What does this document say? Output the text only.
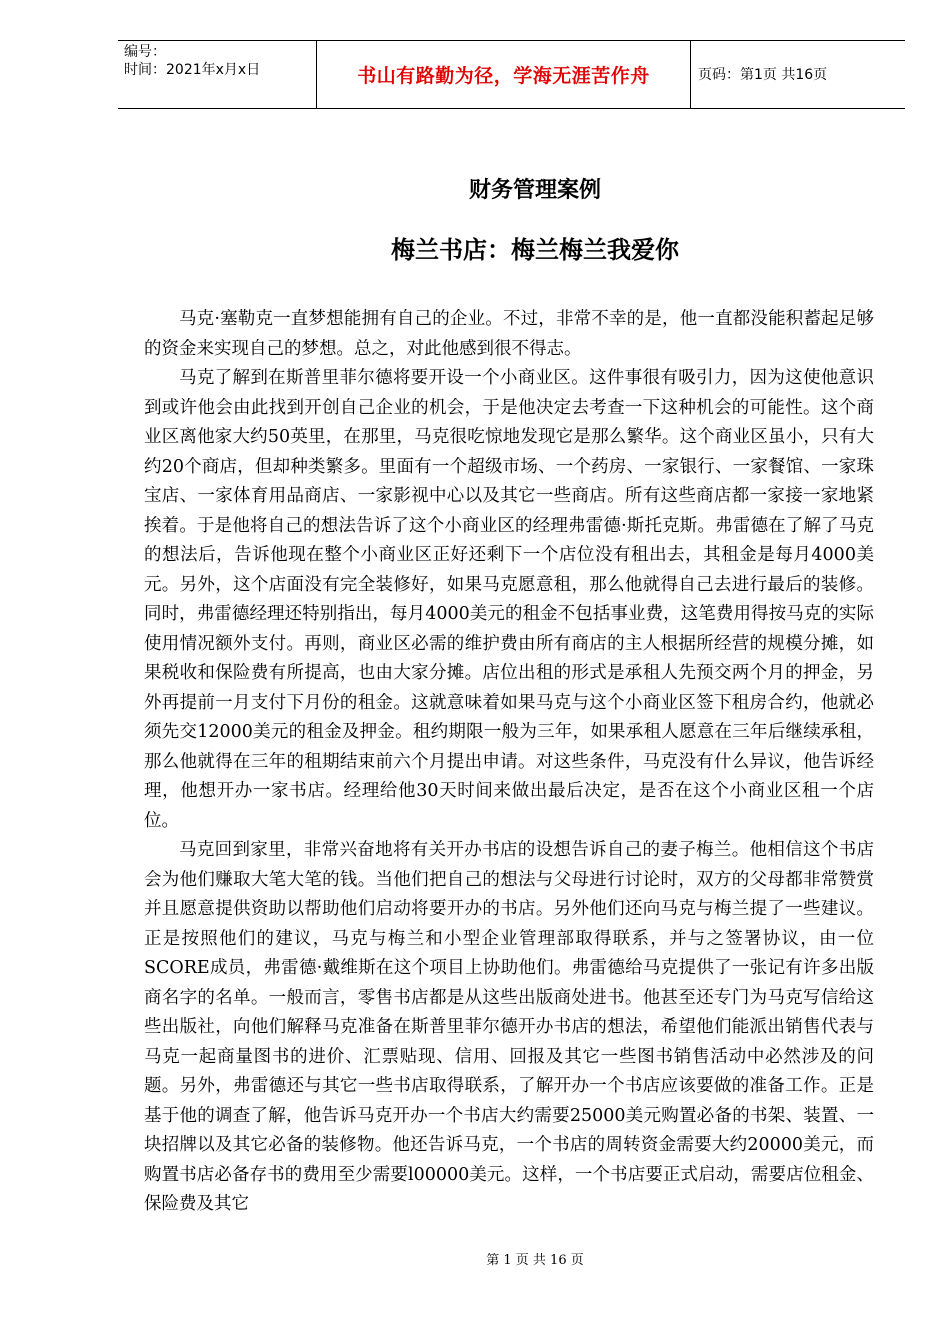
编号：
时间：2021年x月x日	书山有路勤为径，学海无涯苦作舟	页码：第1页 共16页
财务管理案例
梅兰书店：梅兰梅兰我爱你

马克·塞勒克一直梦想能拥有自己的企业。不过，非常不幸的是，他一直都没能积蓄起足够的资金来实现自己的梦想。总之，对此他感到很不得志。

马克了解到在斯普里菲尔德将要开设一个小商业区。这件事很有吸引力，因为这使他意识到或许他会由此找到开创自己企业的机会，于是他决定去考查一下这种机会的可能性。这个商业区离他家大约50英里，在那里，马克很吃惊地发现它是那么繁华。这个商业区虽小，只有大约20个商店，但却种类繁多。里面有一个超级市场、一个药房、一家银行、一家餐馆、一家珠宝店、一家体育用品商店、一家影视中心以及其它一些商店。所有这些商店都一家接一家地紧挨着。于是他将自己的想法告诉了这个小商业区的经理弗雷德·斯托克斯。弗雷德在了解了马克的想法后，告诉他现在整个小商业区正好还剩下一个店位没有租出去，其租金是每月4000美元。另外，这个店面没有完全装修好，如果马克愿意租，那么他就得自己去进行最后的装修。同时，弗雷德经理还特别指出，每月4000美元的租金不包括事业费，这笔费用得按马克的实际使用情况额外支付。再则，商业区必需的维护费由所有商店的主人根据所经营的规模分摊，如果税收和保险费有所提高，也由大家分摊。店位出租的形式是承租人先预交两个月的押金，另外再提前一月支付下月份的租金。这就意味着如果马克与这个小商业区签下租房合约，他就必须先交12000美元的租金及押金。租约期限一般为三年，如果承租人愿意在三年后继续承租，那么他就得在三年的租期结束前六个月提出申请。对这些条件，马克没有什么异议，他告诉经理，他想开办一家书店。经理给他30天时间来做出最后决定，是否在这个小商业区租一个店位。

马克回到家里，非常兴奋地将有关开办书店的设想告诉自己的妻子梅兰。他相信这个书店会为他们赚取大笔大笔的钱。当他们把自己的想法与父母进行讨论时，双方的父母都非常赞赏并且愿意提供资助以帮助他们启动将要开办的书店。另外他们还向马克与梅兰提了一些建议。正是按照他们的建议，马克与梅兰和小型企业管理部取得联系，并与之签署协议，由一位SCORE成员，弗雷德·戴维斯在这个项目上协助他们。弗雷德给马克提供了一张记有许多出版商名字的名单。一般而言，零售书店都是从这些出版商处进书。他甚至还专门为马克写信给这些出版社，向他们解释马克准备在斯普里菲尔德开办书店的想法，希望他们能派出销售代表与马克一起商量图书的进价、汇票贴现、信用、回报及其它一些图书销售活动中必然涉及的问题。另外，弗雷德还与其它一些书店取得联系，了解开办一个书店应该要做的准备工作。正是基于他的调查了解，他告诉马克开办一个书店大约需要25000美元购置必备的书架、装置、一块招牌以及其它必备的装修物。他还告诉马克，一个书店的周转资金需要大约20000美元，而购置书店必备存书的费用至少需要l00000美元。这样，一个书店要正式启动，需要店位租金、保险费及其它

第 1 页 共 16 页
